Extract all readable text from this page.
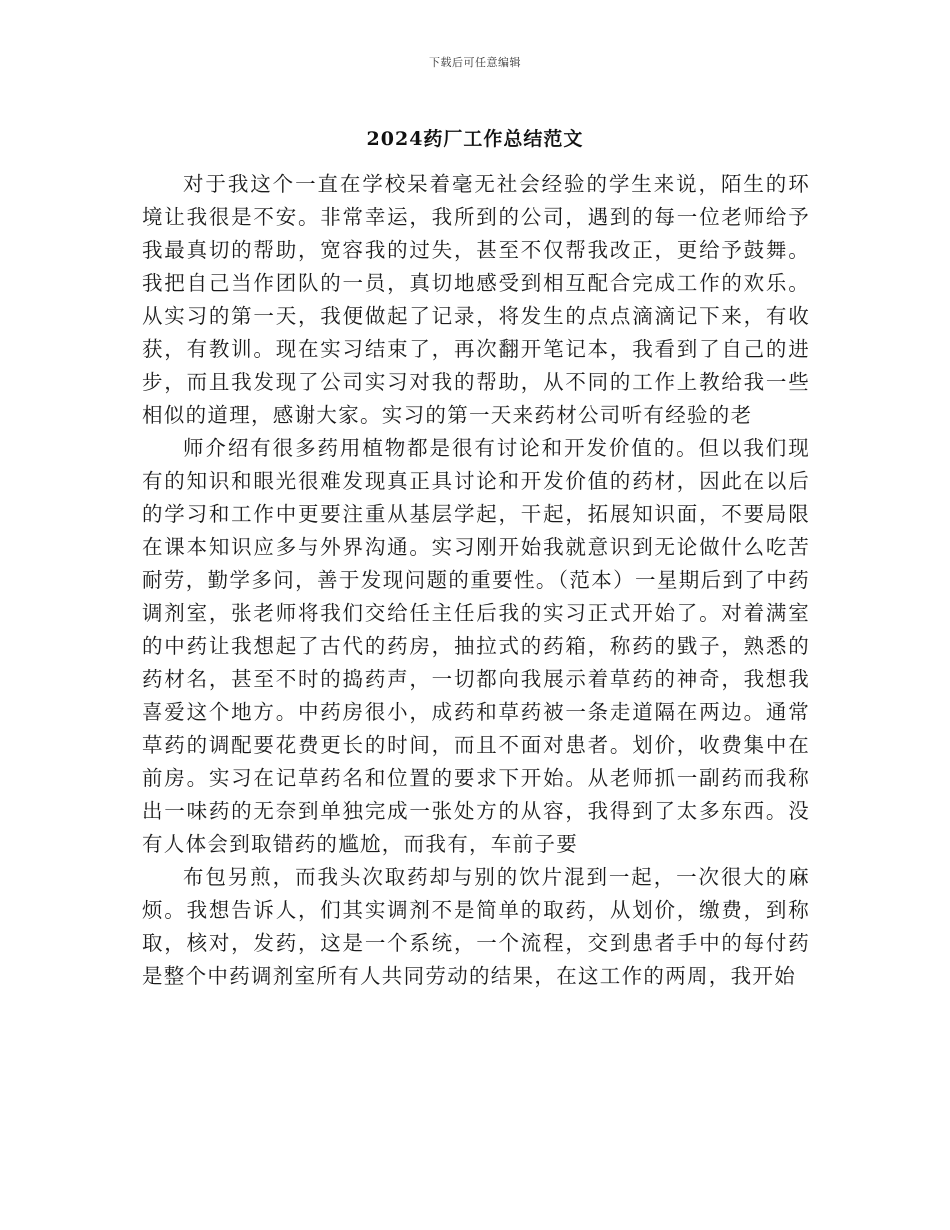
下载后可任意编辑
2024药厂工作总结范文

对于我这个一直在学校呆着毫无社会经验的学生来说，陌生的环境让我很是不安。非常幸运，我所到的公司，遇到的每一位老师给予我最真切的帮助，宽容我的过失，甚至不仅帮我改正，更给予鼓舞。我把自己当作团队的一员，真切地感受到相互配合完成工作的欢乐。从实习的第一天，我便做起了记录，将发生的点点滴滴记下来，有收获，有教训。现在实习结束了，再次翻开笔记本，我看到了自己的进步，而且我发现了公司实习对我的帮助，从不同的工作上教给我一些相似的道理，感谢大家。实习的第一天来药材公司听有经验的老

师介绍有很多药用植物都是很有讨论和开发价值的。但以我们现有的知识和眼光很难发现真正具讨论和开发价值的药材，因此在以后的学习和工作中更要注重从基层学起，干起，拓展知识面，不要局限在课本知识应多与外界沟通。实习刚开始我就意识到无论做什么吃苦耐劳，勤学多问，善于发现问题的重要性。（范本）一星期后到了中药调剂室，张老师将我们交给任主任后我的实习正式开始了。对着满室的中药让我想起了古代的药房，抽拉式的药箱，称药的戥子，熟悉的药材名，甚至不时的捣药声，一切都向我展示着草药的神奇，我想我喜爱这个地方。中药房很小，成药和草药被一条走道隔在两边。通常草药的调配要花费更长的时间，而且不面对患者。划价，收费集中在前房。实习在记草药名和位置的要求下开始。从老师抓一副药而我称出一味药的无奈到单独完成一张处方的从容，我得到了太多东西。没有人体会到取错药的尴尬，而我有，车前子要

布包另煎，而我头次取药却与别的饮片混到一起，一次很大的麻烦。我想告诉人，们其实调剂不是简单的取药，从划价，缴费，到称取，核对，发药，这是一个系统，一个流程，交到患者手中的每付药是整个中药调剂室所有人共同劳动的结果，在这工作的两周，我开始
